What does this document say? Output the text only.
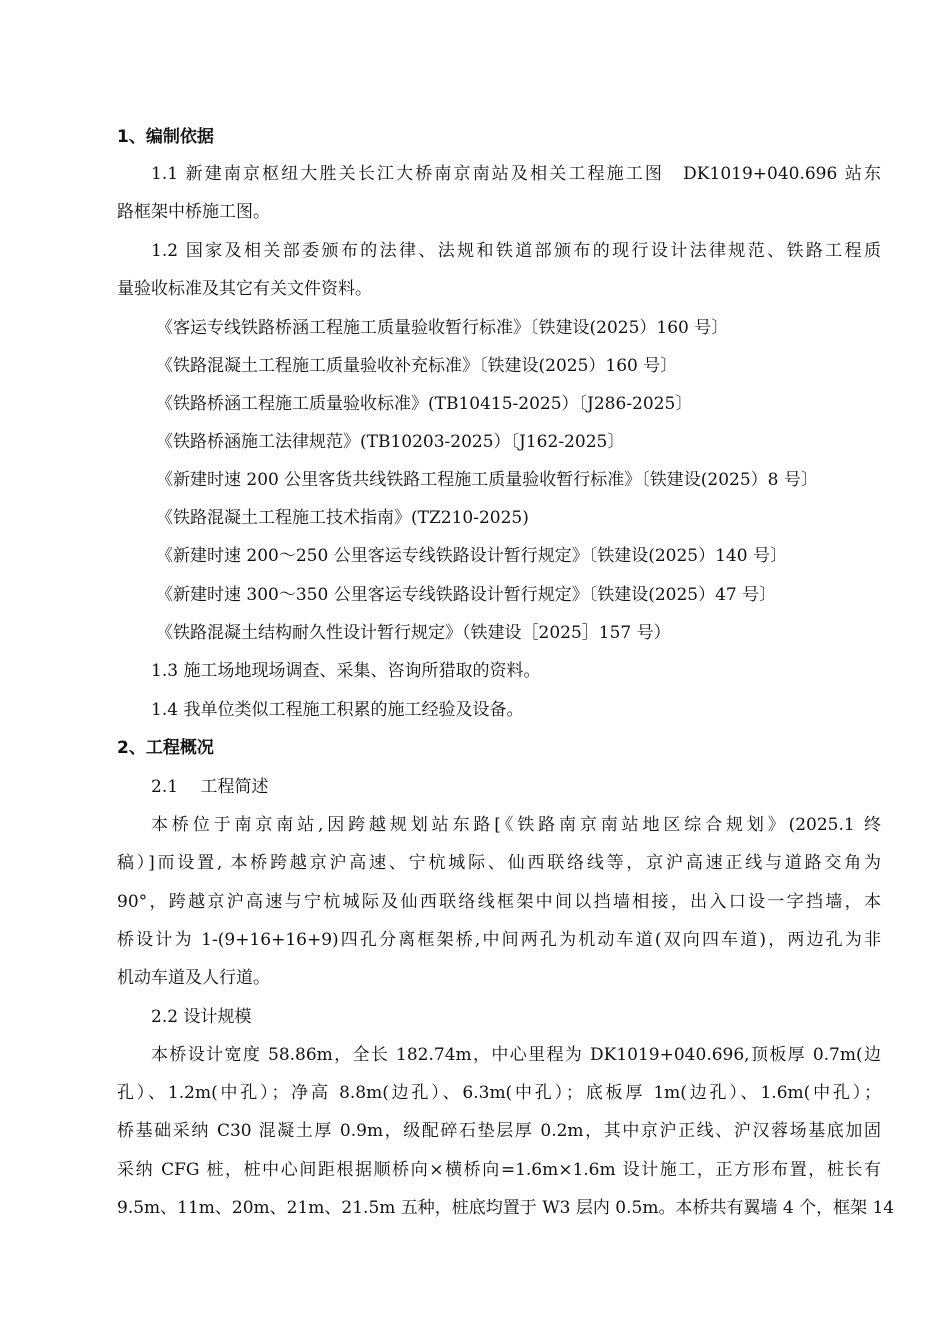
1、编制依据
1.1 新建南京枢纽大胜关长江大桥南京南站及相关工程施工图　DK1019+040.696 站东
路框架中桥施工图。
1.2 国家及相关部委颁布的法律、法规和铁道部颁布的现行设计法律规范、铁路工程质
量验收标准及其它有关文件资料。
《客运专线铁路桥涵工程施工质量验收暂行标准》〔铁建设(2025）160 号〕
《铁路混凝土工程施工质量验收补充标准》〔铁建设(2025）160 号〕
《铁路桥涵工程施工质量验收标准》(TB10415-2025）〔J286-2025〕
《铁路桥涵施工法律规范》(TB10203-2025）〔J162-2025〕
《新建时速 200 公里客货共线铁路工程施工质量验收暂行标准》〔铁建设(2025）8 号〕
《铁路混凝土工程施工技术指南》(TZ210-2025)
《新建时速 200～250 公里客运专线铁路设计暂行规定》〔铁建设(2025）140 号〕
《新建时速 300～350 公里客运专线铁路设计暂行规定》〔铁建设(2025）47 号〕
《铁路混凝土结构耐久性设计暂行规定》（铁建设［2025］157 号）
1.3 施工场地现场调查、采集、咨询所猎取的资料。
1.4 我单位类似工程施工积累的施工经验及设备。
2、工程概况
2.1　 工程简述
本桥位于南京南站,因跨越规划站东路[《铁路南京南站地区综合规划》(2025.1 终
稿）]而设置, 本桥跨越京沪高速、宁杭城际、仙西联络线等，京沪高速正线与道路交角为
90°，跨越京沪高速与宁杭城际及仙西联络线框架中间以挡墙相接，出入口设一字挡墙，本
桥设计为 1-(9+16+16+9)四孔分离框架桥,中间两孔为机动车道(双向四车道)，两边孔为非
机动车道及人行道。
2.2 设计规模
本桥设计宽度 58.86m，全长 182.74m，中心里程为 DK1019+040.696,顶板厚 0.7m(边
孔）、1.2m(中孔）；净高 8.8m(边孔）、6.3m(中孔）；底板厚 1m(边孔）、1.6m(中孔）；
桥基础采纳 C30 混凝土厚 0.9m，级配碎石垫层厚 0.2m，其中京沪正线、沪汉蓉场基底加固
采纳 CFG 桩，桩中心间距根据顺桥向×横桥向=1.6m×1.6m 设计施工，正方形布置，桩长有
9.5m、11m、20m、21m、21.5m 五种，桩底均置于 W3 层内 0.5m。本桥共有翼墙 4 个，框架 14
